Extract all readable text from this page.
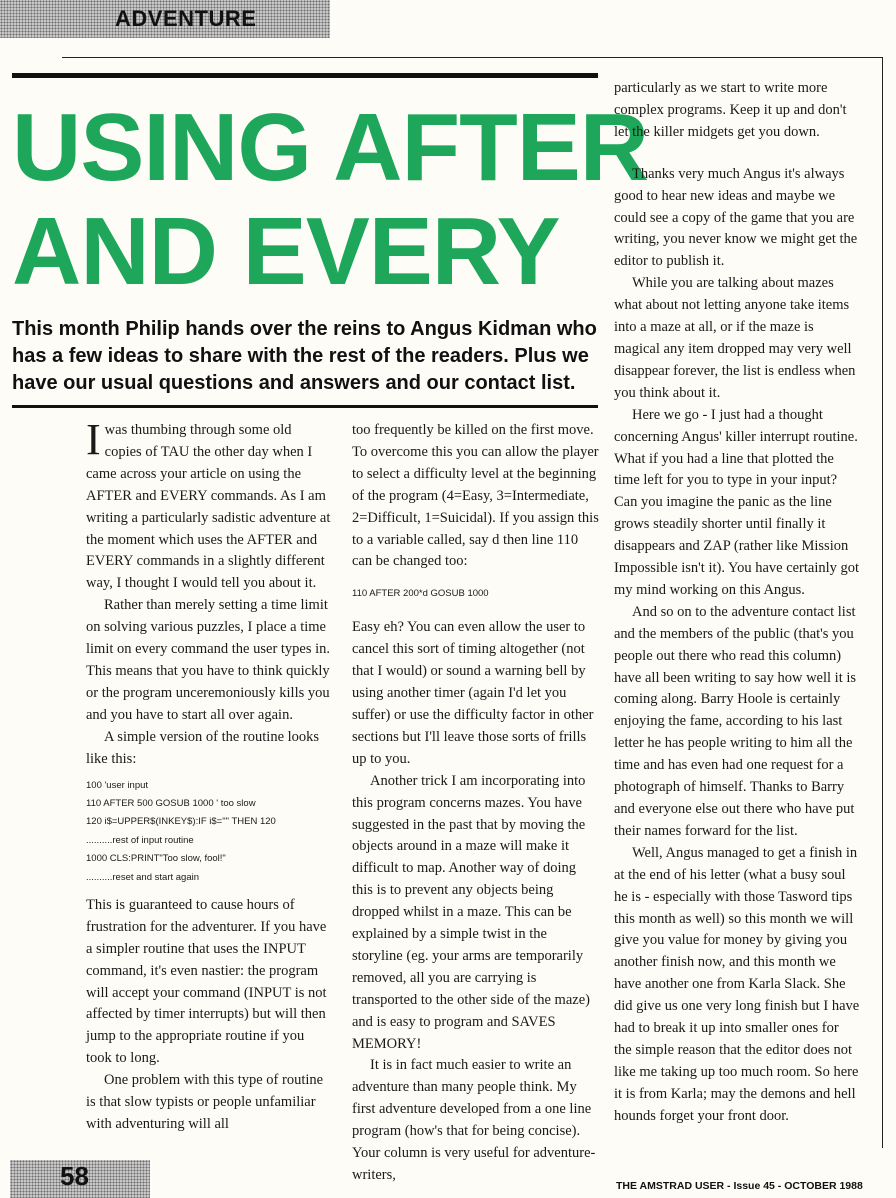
ADVENTURE
USING AFTER
AND EVERY
This month Philip hands over the reins to Angus Kidman who has a few ideas to share with the rest of the readers. Plus we have our usual questions and answers and our contact list.

Iwas thumbing through some old copies of TAU the other day when I came across your article on using the AFTER and EVERY commands. As I am writing a particularly sadistic adventure at the moment which uses the AFTER and EVERY commands in a slightly different way, I thought I would tell you about it.

Rather than merely setting a time limit on solving various puzzles, I place a time limit on every command the user types in. This means that you have to think quickly or the program unceremoniously kills you and you have to start all over again.

A simple version of the routine looks like this:

100 'user input
110 AFTER 500 GOSUB 1000 ' too slow
120 i$=UPPER$(INKEY$):IF i$="" THEN 120
..........rest of input routine
1000 CLS:PRINT"Too slow, fool!"
..........reset and start again

This is guaranteed to cause hours of frustration for the adventurer. If you have a simpler routine that uses the INPUT command, it's even nastier: the program will accept your command (INPUT is not affected by timer interrupts) but will then jump to the appropriate routine if you took to long.

One problem with this type of routine is that slow typists or people unfamiliar with adventuring will all

too frequently be killed on the first move. To overcome this you can allow the player to select a difficulty level at the beginning of the program (4=Easy, 3=Intermediate, 2=Difficult, 1=Suicidal). If you assign this to a variable called, say d then line 110 can be changed too:

110 AFTER 200*d GOSUB 1000

Easy eh? You can even allow the user to cancel this sort of timing altogether (not that I would) or sound a warning bell by using another timer (again I'd let you suffer) or use the difficulty factor in other sections but I'll leave those sorts of frills up to you.

Another trick I am incorporating into this program concerns mazes. You have suggested in the past that by moving the objects around in a maze will make it difficult to map. Another way of doing this is to prevent any objects being dropped whilst in a maze. This can be explained by a simple twist in the storyline (eg. your arms are temporarily removed, all you are carrying is transported to the other side of the maze) and is easy to program and SAVES MEMORY!

It is in fact much easier to write an adventure than many people think. My first adventure developed from a one line program (how's that for being concise). Your column is very useful for adventure-writers,

particularly as we start to write more complex programs. Keep it up and don't let the killer midgets get you down.

Thanks very much Angus it's always good to hear new ideas and maybe we could see a copy of the game that you are writing, you never know we might get the editor to publish it.

While you are talking about mazes what about not letting anyone take items into a maze at all, or if the maze is magical any item dropped may very well disappear forever, the list is endless when you think about it.

Here we go - I just had a thought concerning Angus' killer interrupt routine. What if you had a line that plotted the time left for you to type in your input? Can you imagine the panic as the line grows steadily shorter until finally it disappears and ZAP (rather like Mission Impossible isn't it). You have certainly got my mind working on this Angus.

And so on to the adventure contact list and the members of the public (that's you people out there who read this column) have all been writing to say how well it is coming along. Barry Hoole is certainly enjoying the fame, according to his last letter he has people writing to him all the time and has even had one request for a photograph of himself. Thanks to Barry and everyone else out there who have put their names forward for the list.

Well, Angus managed to get a finish in at the end of his letter (what a busy soul he is - especially with those Tasword tips this month as well) so this month we will give you value for money by giving you another finish now, and this month we have another one from Karla Slack. She did give us one very long finish but I have had to break it up into smaller ones for the simple reason that the editor does not like me taking up too much room. So here it is from Karla; may the demons and hell hounds forget your front door.

58	THE AMSTRAD USER - Issue 45 - OCTOBER 1988
